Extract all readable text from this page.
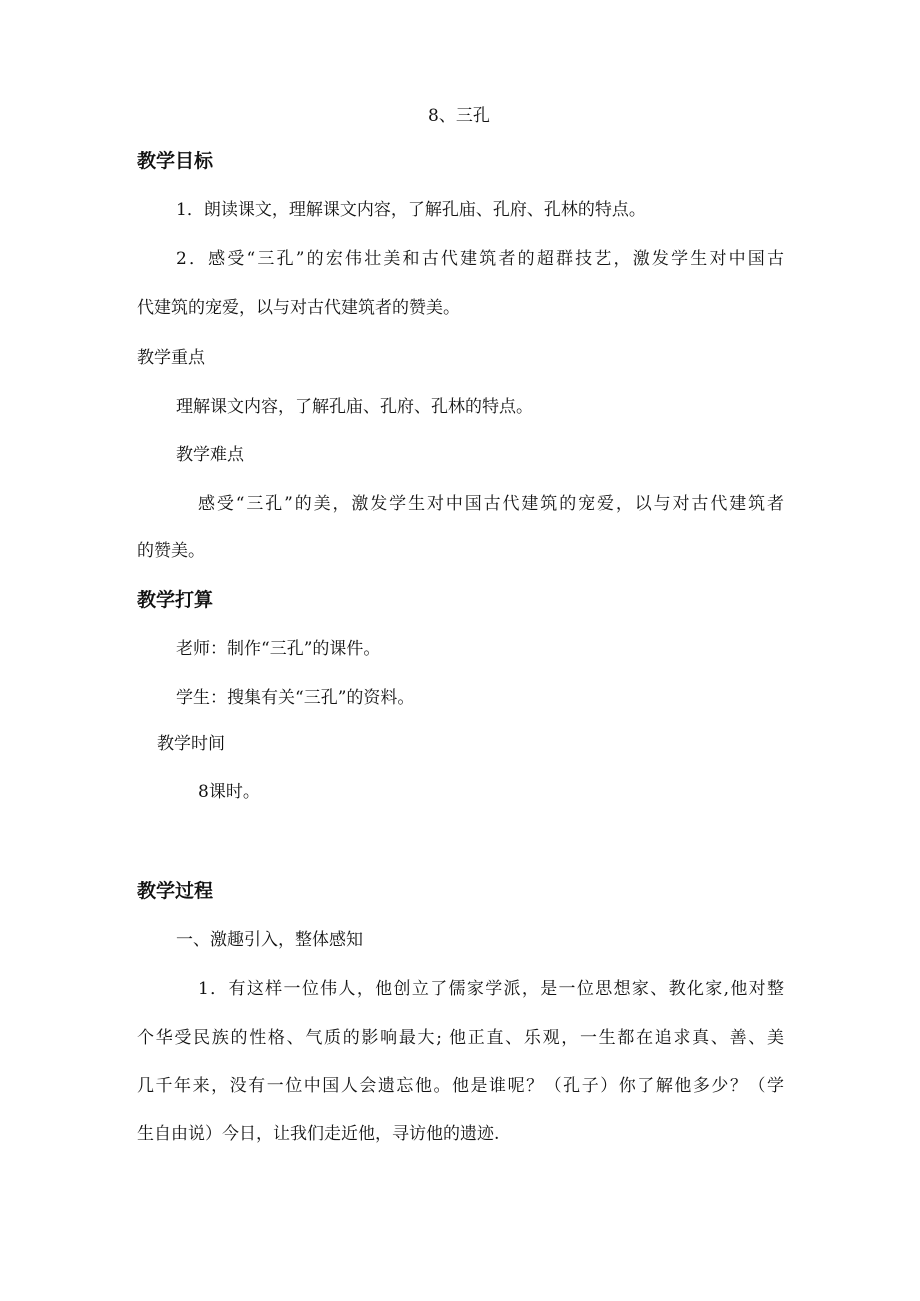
8、三孔
教学目标
1．朗读课文，理解课文内容，了解孔庙、孔府、孔林的特点。
2．感受“三孔”的宏伟壮美和古代建筑者的超群技艺，激发学生对中国古
代建筑的宠爱，以与对古代建筑者的赞美。
教学重点
理解课文内容，了解孔庙、孔府、孔林的特点。
教学难点
感受“三孔”的美，激发学生对中国古代建筑的宠爱，以与对古代建筑者
的赞美。
教学打算
老师：制作“三孔”的课件。
学生：搜集有关“三孔”的资料。
教学时间
8课时。
教学过程
一、激趣引入，整体感知
1．有这样一位伟人，他创立了儒家学派，是一位思想家、教化家,他对整
个华受民族的性格、气质的影响最大; 他正直、乐观，一生都在追求真、善、美
几千年来，没有一位中国人会遗忘他。他是谁呢？（孔子）你了解他多少？（学
生自由说）今日，让我们走近他，寻访他的遗迹.
